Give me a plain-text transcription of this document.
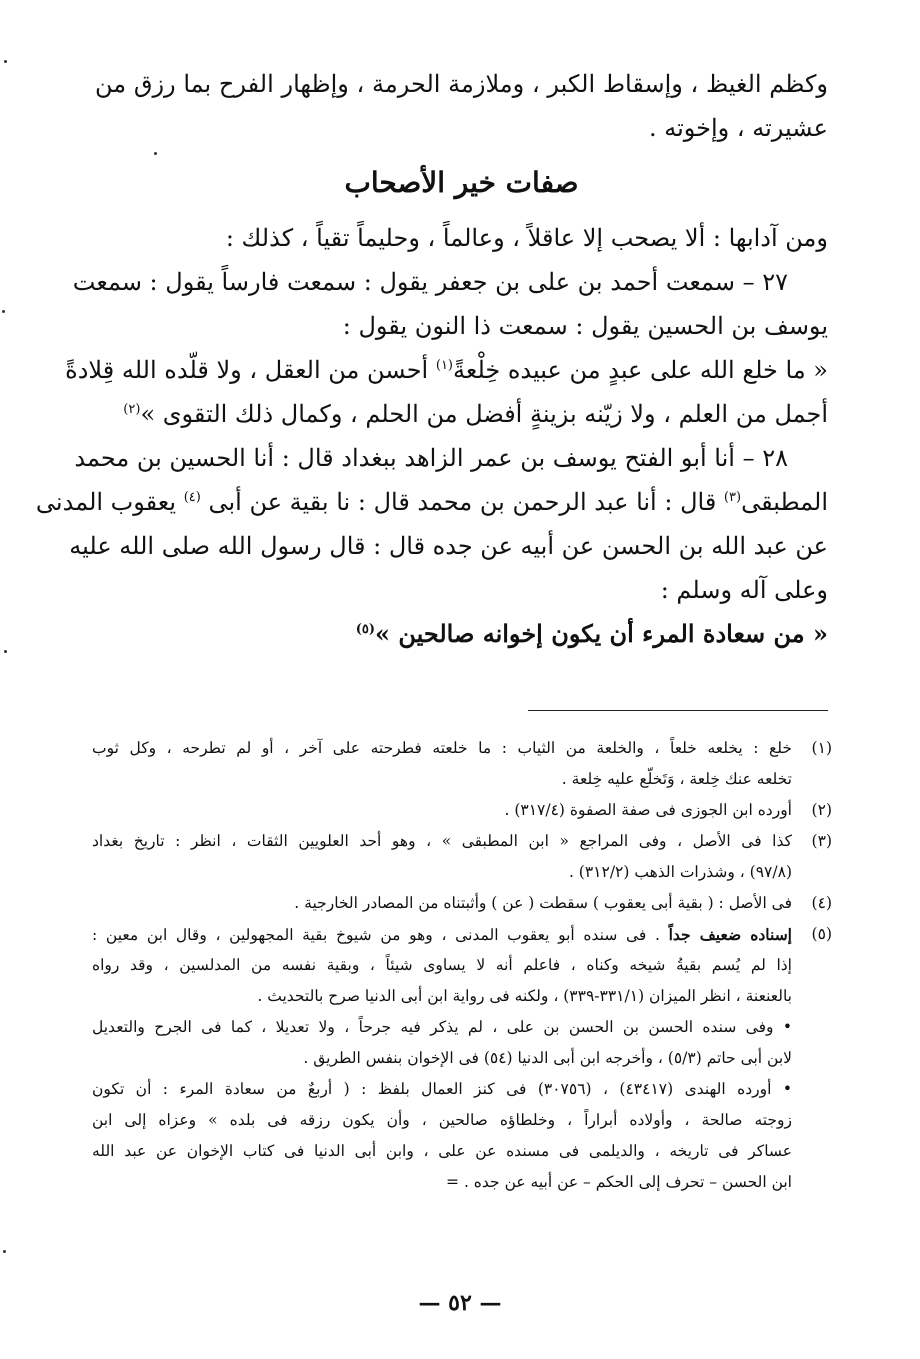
وكظم الغيظ ، وإسقاط الكبر ، وملازمة الحرمة ، وإظهار الفرح بما رزق من
عشيرته ، وإخوته .
صفات خير الأصحاب
ومن آدابها : ألا يصحب إلا عاقلاً ، وعالماً ، وحليماً تقياً ، كذلك :
٢٧ – سمعت أحمد بن على بن جعفر يقول : سمعت فارساً يقول : سمعت
يوسف بن الحسين يقول : سمعت ذا النون يقول :
« ما خلع الله على عبدٍ من عبيده خِلْعةً$^{(١)}$ أحسن من العقل ، ولا قلّده الله قِلادةً
أجمل من العلم ، ولا زيّنه بزينةٍ أفضل من الحلم ، وكمال ذلك التقوى »$^{(٢)}$
٢٨ – أنا أبو الفتح يوسف بن عمر الزاهد ببغداد قال : أنا الحسين بن محمد
المطبقى$^{(٣)}$ قال : أنا عبد الرحمن بن محمد قال : نا بقية عن أبى $^{(٤)}$ يعقوب المدنى
عن عبد الله بن الحسن عن أبيه عن جده قال : قال رسول الله صلى الله عليه
وعلى آله وسلم :
« من سعادة المرء أن يكون إخوانه صالحين »$^{(٥)}$
(١)
خلع : يخلعه خلعاً ، والخلعة من الثياب : ما خلعته فطرحته على آخر ، أو لم تطرحه ، وكل ثوب
تخلعه عنك خِلعة ، وَتَخلّع عليه خِلعة .
(٢)
أورده ابن الجوزى فى صفة الصفوة (٣١٧/٤) .
(٣)
كذا فى الأصل ، وفى المراجع « ابن المطبقى » ، وهو أحد العلويين الثقات ، انظر : تاريخ بغداد
(٩٧/٨) ، وشذرات الذهب (٣١٢/٢) .
(٤)
فى الأصل : ( بقية أبى يعقوب ) سقطت ( عن ) وأثبتناه من المصادر الخارجية .
(٥)
إسناده ضعيف جداً . فى سنده أبو يعقوب المدنى ، وهو من شيوخ بقية المجهولين ، وقال ابن معين :
إذا لم يُسم بقيةُ شيخه وكناه ، فاعلم أنه لا يساوى شيئاً ، وبقية نفسه من المدلسين ، وقد رواه
بالعنعنة ، انظر الميزان (٣٣١/١-٣٣٩) ، ولكنه فى رواية ابن أبى الدنيا صرح بالتحديث .
• وفى سنده الحسن بن الحسن بن على ، لم يذكر فيه جرحاً ، ولا تعديلا ، كما فى الجرح والتعديل
لابن أبى حاتم (٥/٣) ، وأخرجه ابن أبى الدنيا (٥٤) فى الإخوان بنفس الطريق .
• أورده الهندى (٤٣٤١٧) ، (٣٠٧٥٦) فى كنز العمال بلفظ : ( أربعٌ من سعادة المرء : أن تكون
زوجته صالحة ، وأولاده أبراراً ، وخلطاؤه صالحين ، وأن يكون رزقه فى بلده » وعزاه إلى ابن
عساكر فى تاريخه ، والديلمى فى مسنده عن على ، وابن أبى الدنيا فى كتاب الإخوان عن عبد الله
ابن الحسن – تحرف إلى الحكم – عن أبيه عن جده . =
— ٥٢ —
